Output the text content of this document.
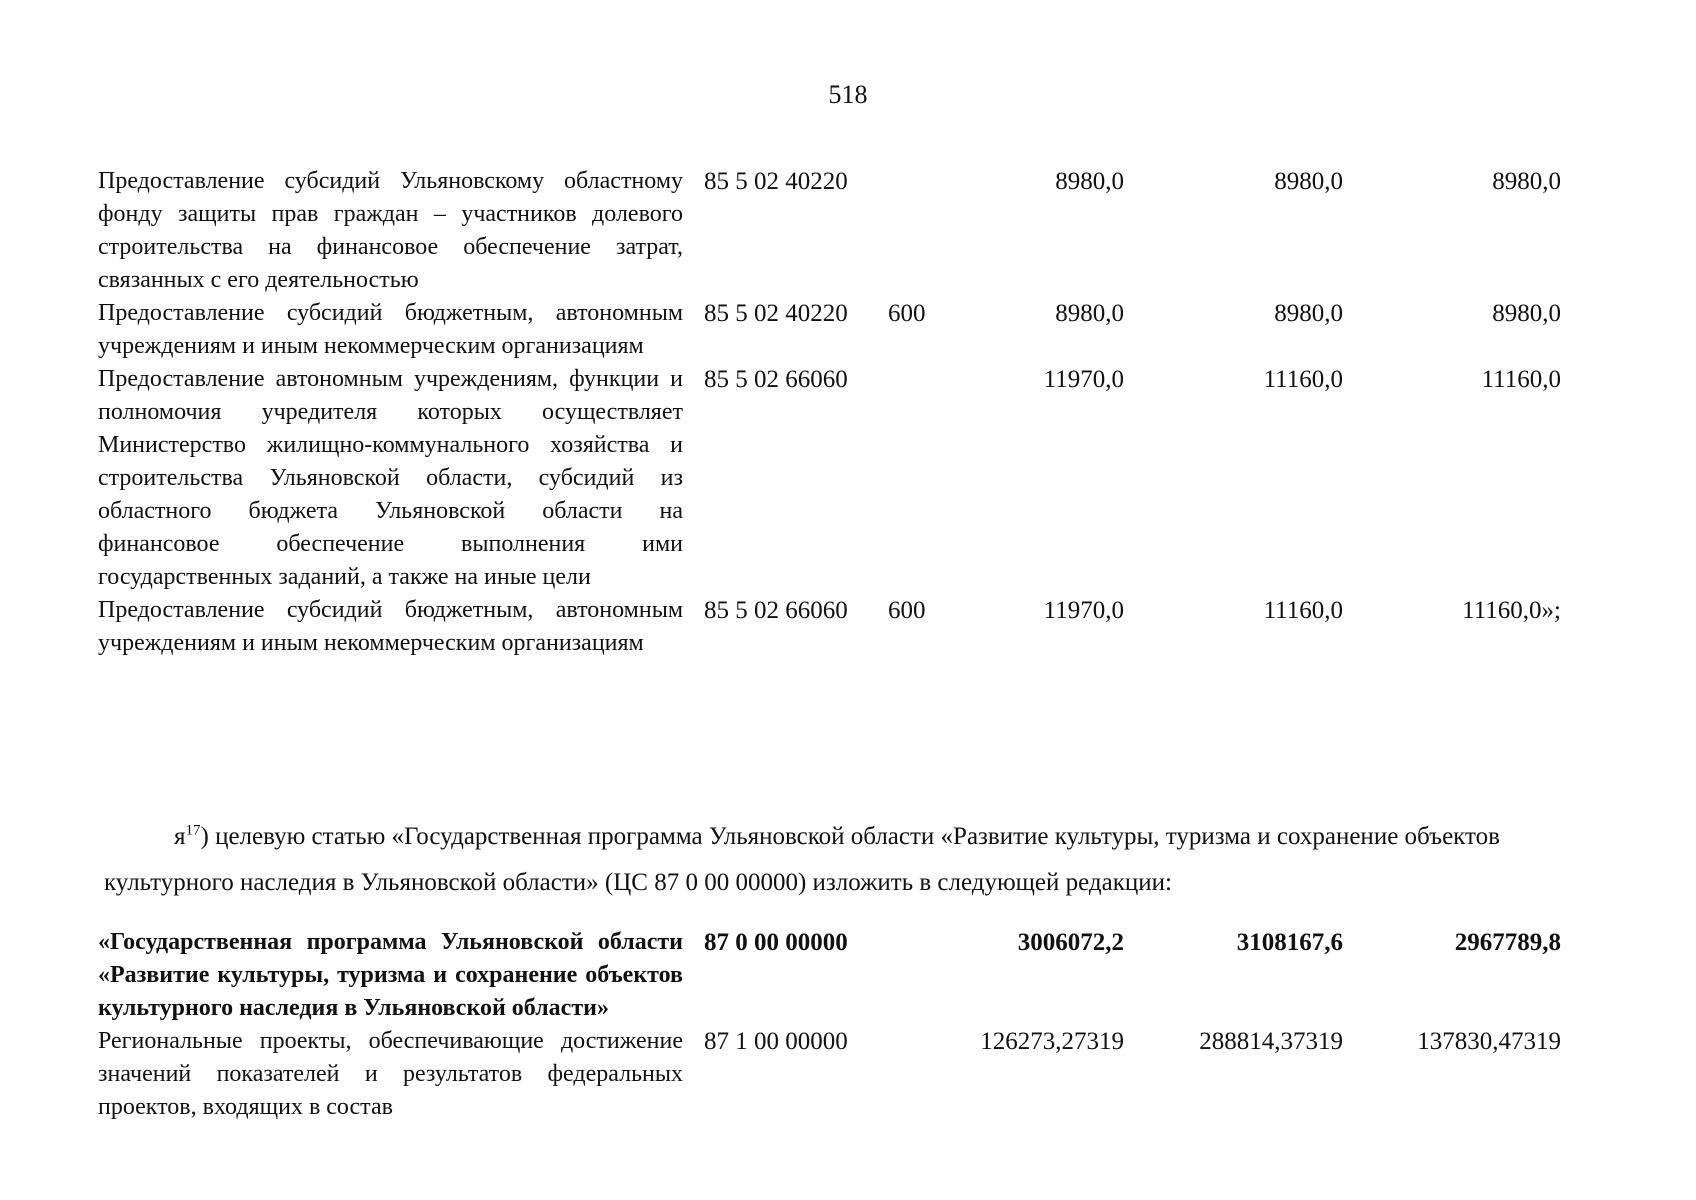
518
Предоставление субсидий Ульяновскому областному фонду защиты прав граждан – участников долевого строительства на финансовое обеспечение затрат, связанных с его деятельностью
85 5 02 40220	8980,0	8980,0	8980,0
Предоставление субсидий бюджетным, автономным учреждениям и иным некоммерческим организациям
85 5 02 40220 600	8980,0	8980,0	8980,0
Предоставление автономным учреждениям, функции и полномочия учредителя которых осуществляет Министерство жилищно-коммунального хозяйства и строительства Ульяновской области, субсидий из областного бюджета Ульяновской области на финансовое обеспечение выполнения ими государственных заданий, а также на иные цели
85 5 02 66060	11970,0	11160,0	11160,0
Предоставление субсидий бюджетным, автономным учреждениям и иным некоммерческим организациям
85 5 02 66060 600	11970,0	11160,0	11160,0»;
$я^{17}$) целевую статью «Государственная программа Ульяновской области «Развитие культуры, туризма и сохранение объектов культурного наследия в Ульяновской области» (ЦС 87 0 00 00000) изложить в следующей редакции:
«Государственная программа Ульяновской области «Развитие культуры, туризма и сохранение объектов культурного наследия в Ульяновской области»
87 0 00 00000	3006072,2	3108167,6	2967789,8
Региональные проекты, обеспечивающие достижение значений показателей и результатов федеральных проектов, входящих в состав
87 1 00 00000	126273,27319	288814,37319	137830,47319
